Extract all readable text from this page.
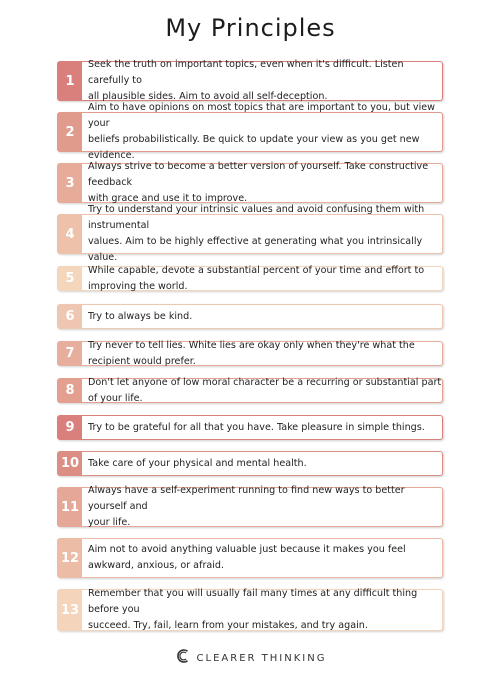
My Principles
1
Seek the truth on important topics, even when it's difficult. Listen carefully to
all plausible sides. Aim to avoid all self-deception.
2
Aim to have opinions on most topics that are important to you, but view your
beliefs probabilistically. Be quick to update your view as you get new evidence.
3
Always strive to become a better version of yourself. Take constructive feedback
with grace and use it to improve.
4
Try to understand your intrinsic values and avoid confusing them with instrumental
values. Aim to be highly effective at generating what you intrinsically value.
5
While capable, devote a substantial percent of your time and effort to improving the world.
6	Try to always be kind.
7
Try never to tell lies. White lies are okay only when they're what the recipient would prefer.
8
Don't let anyone of low moral character be a recurring or substantial part of your life.
9	Try to be grateful for all that you have. Take pleasure in simple things.
10 Take care of your physical and mental health.
11
Always have a self-experiment running to find new ways to better yourself and
your life.
12
Aim not to avoid anything valuable just because it makes you feel
awkward, anxious, or afraid.
13
Remember that you will usually fail many times at any difficult thing before you
succeed. Try, fail, learn from your mistakes, and try again.
CLEARER THINKING
